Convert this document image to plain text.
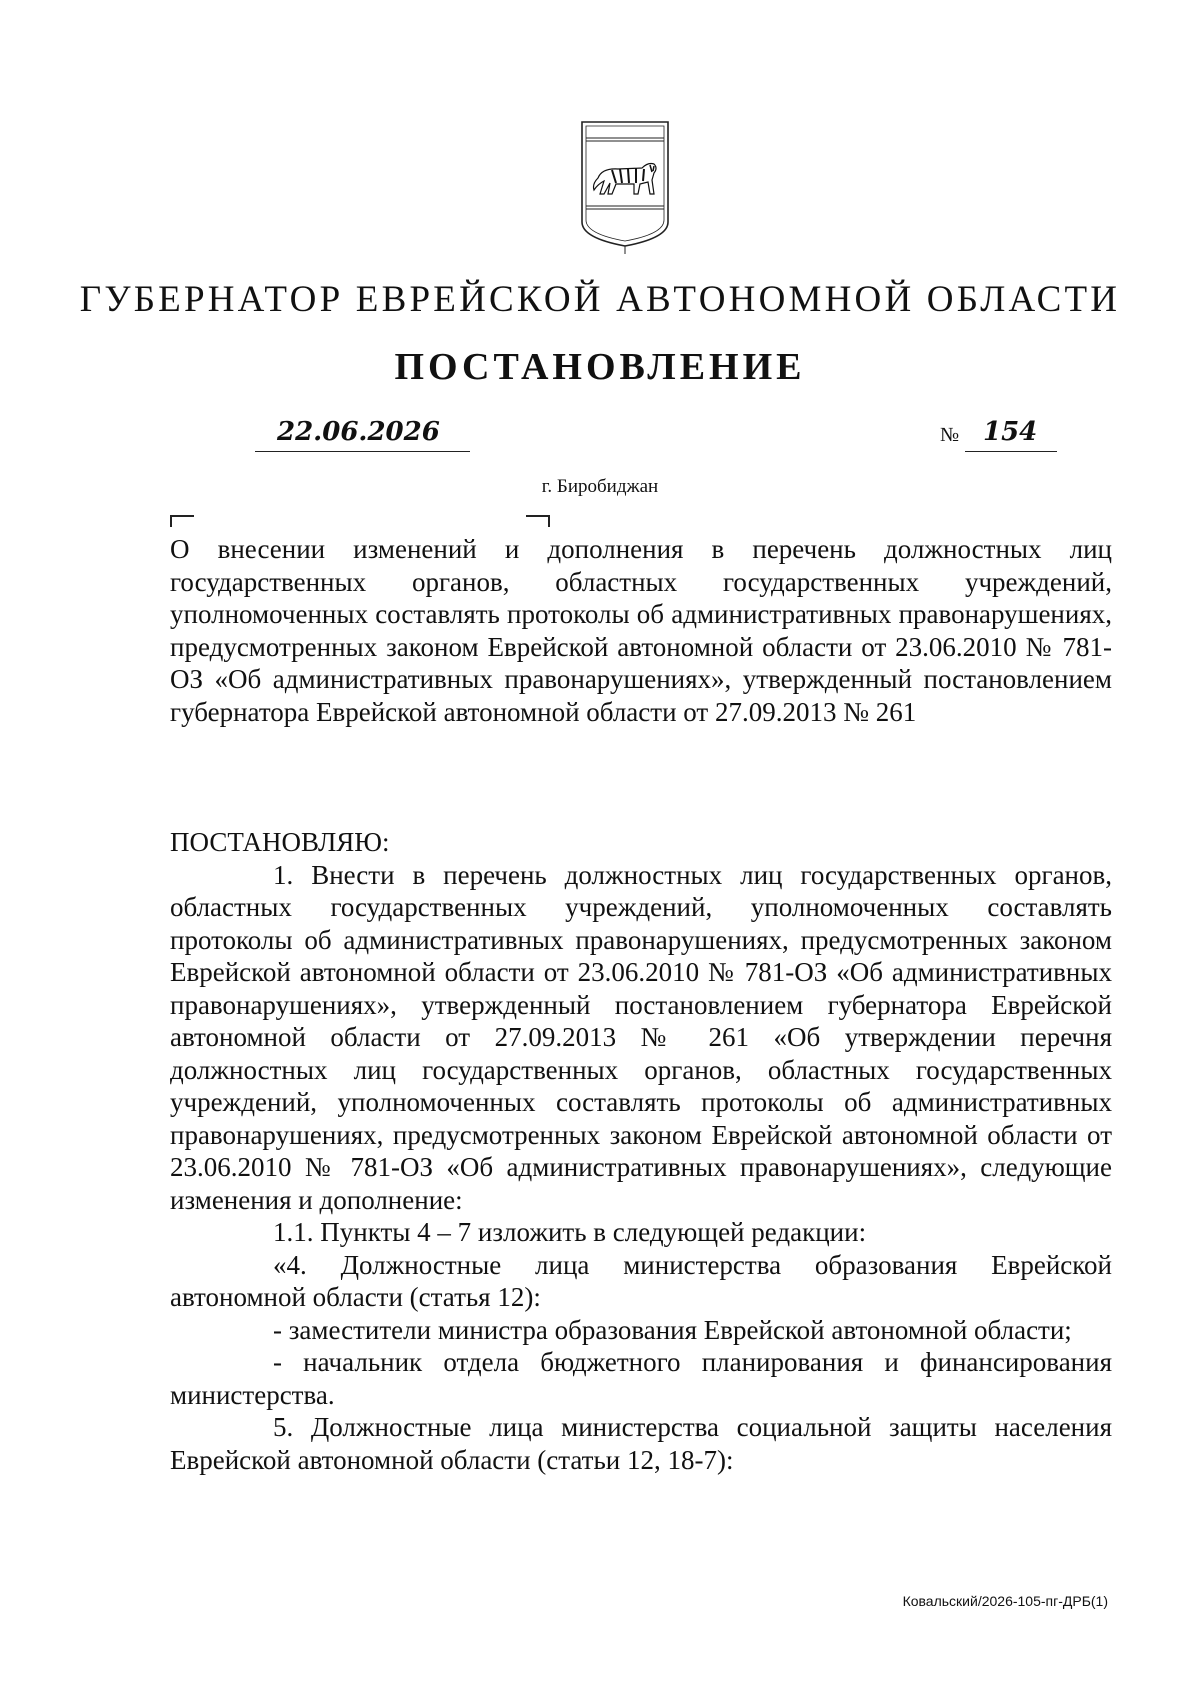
ГУБЕРНАТОР ЕВРЕЙСКОЙ АВТОНОМНОЙ ОБЛАСТИ
ПОСТАНОВЛЕНИЕ
22.06.2026	№ 154
г. Биробиджан

О внесении изменений и дополнения в перечень должностных лиц государственных органов, областных государственных учреждений, уполномоченных составлять протоколы об административных правонарушениях, предусмотренных законом Еврейской автономной области от 23.06.2010 № 781-ОЗ «Об административных правонарушениях», утвержденный постановлением губернатора Еврейской автономной области от 27.09.2013 № 261

ПОСТАНОВЛЯЮ:

1. Внести в перечень должностных лиц государственных органов, областных государственных учреждений, уполномоченных составлять протоколы об административных правонарушениях, предусмотренных законом Еврейской автономной области от 23.06.2010 № 781-ОЗ «Об административных правонарушениях», утвержденный постановлением губернатора Еврейской автономной области от 27.09.2013 № 261 «Об утверждении перечня должностных лиц государственных органов, областных государственных учреждений, уполномоченных составлять протоколы об административных правонарушениях, предусмотренных законом Еврейской автономной области от 23.06.2010 № 781-ОЗ «Об административных правонарушениях», следующие изменения и дополнение:

1.1. Пункты 4 – 7 изложить в следующей редакции:

«4. Должностные лица министерства образования Еврейской автономной области (статья 12):

- заместители министра образования Еврейской автономной области;

- начальник отдела бюджетного планирования и финансирования министерства.

5. Должностные лица министерства социальной защиты населения Еврейской автономной области (статьи 12, 18-7):

Ковальский/2026-105-пг-ДРБ(1)
